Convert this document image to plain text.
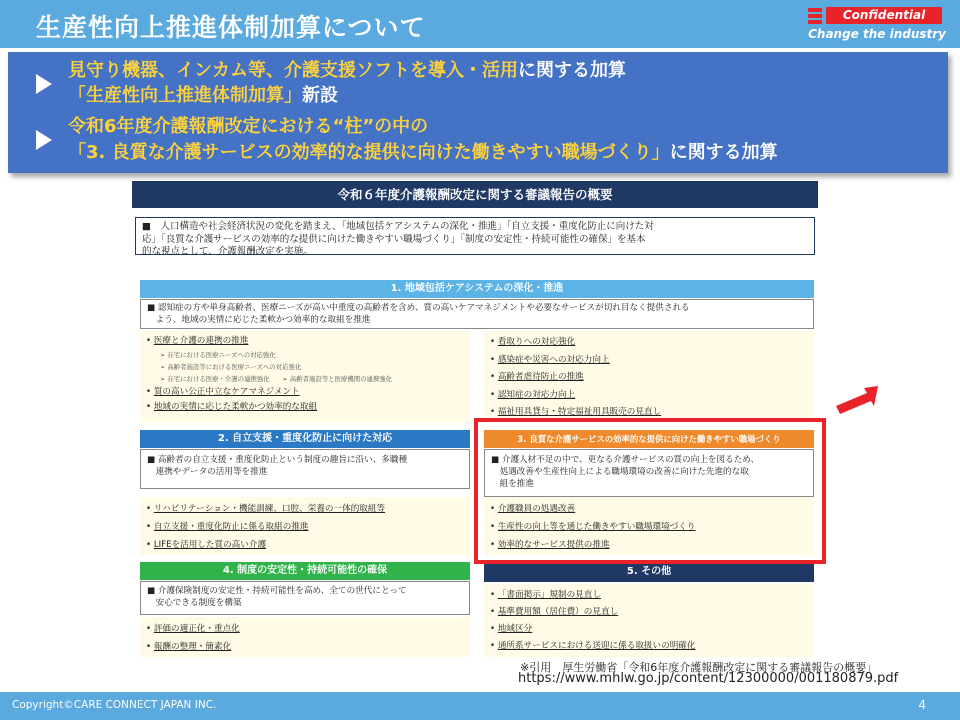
生産性向上推進体制加算について	Confidential
Change the industry
見守り機器、インカム等、介護支援ソフトを導入・活用に関する加算
「生産性向上推進体制加算」新設
令和6年度介護報酬改定における“柱”の中の
「3. 良質な介護サービスの効率的な提供に向けた働きやすい職場づくり」に関する加算
令和６年度介護報酬改定に関する審議報告の概要

■　人口構造や社会経済状況の変化を踏まえ、「地域包括ケアシステムの深化・推進」「自立支援・重度化防止に向けた対

応」「良質な介護サービスの効率的な提供に向けた働きやすい職場づくり」「制度の安定性・持続可能性の確保」を基本

的な視点として、介護報酬改定を実施。

1. 地域包括ケアシステムの深化・推進

■ 認知症の方や単身高齢者、医療ニーズが高い中重度の高齢者を含め、質の高いケアマネジメントや必要なサービスが切れ目なく提供される

　よう、地域の実情に応じた柔軟かつ効率的な取組を推進

• 医療と介護の連携の推進
➢ 在宅における医療ニーズへの対応強化
➢ 高齢者施設等における医療ニーズへの対応強化
➢ 在宅における医療・介護の連携強化　　➢ 高齢者施設等と医療機関の連携強化
• 質の高い公正中立なケアマネジメント
• 地域の実情に応じた柔軟かつ効率的な取組
• 看取りへの対応強化
• 感染症や災害への対応力向上
• 高齢者虐待防止の推進
• 認知症の対応力向上
• 福祉用具貸与・特定福祉用具販売の見直し
2. 自立支援・重度化防止に向けた対応

■ 高齢者の自立支援・重度化防止という制度の趣旨に沿い、多職種

　連携やデータの活用等を推進

• リハビリテーション・機能訓練、口腔、栄養の一体的取組等
• 自立支援・重度化防止に係る取組の推進
• LIFEを活用した質の高い介護
3. 良質な介護サービスの効率的な提供に向けた働きやすい職場づくり

■ 介護人材不足の中で、更なる介護サービスの質の向上を図るため、

　処遇改善や生産性向上による職場環境の改善に向けた先進的な取

　組を推進

• 介護職員の処遇改善
• 生産性の向上等を通じた働きやすい職場環境づくり
• 効率的なサービス提供の推進
4. 制度の安定性・持続可能性の確保

■ 介護保険制度の安定性・持続可能性を高め、全ての世代にとって

　安心できる制度を構築

• 評価の適正化・重点化
• 報酬の整理・簡素化
5. その他
• 「書面掲示」規制の見直し
• 基準費用額（居住費）の見直し
• 地域区分
• 通所系サービスにおける送迎に係る取扱いの明確化
※引用　厚生労働省「令和6年度介護報酬改定に関する審議報告の概要」
https://www.mhlw.go.jp/content/12300000/001180879.pdf
Copyright©CARE CONNECT JAPAN INC.	4
